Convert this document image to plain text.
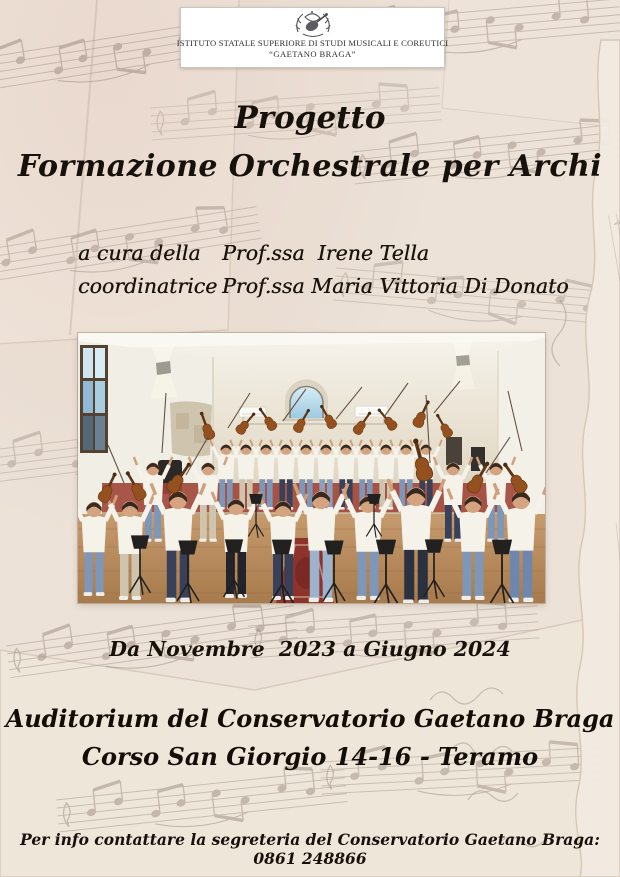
ISTITUTO STATALE SUPERIORE DI STUDI MUSICALI E COREUTICI
“GAETANO BRAGA”
Progetto
Formazione Orchestrale per Archi
a cura della	Prof.ssa  Irene Tella
coordinatrice Prof.ssa Maria Vittoria Di Donato
Da Novembre  2023 a Giugno 2024
Auditorium del Conservatorio Gaetano Braga
Corso San Giorgio 14-16 - Teramo
Per info contattare la segreteria del Conservatorio Gaetano Braga: 0861 248866
